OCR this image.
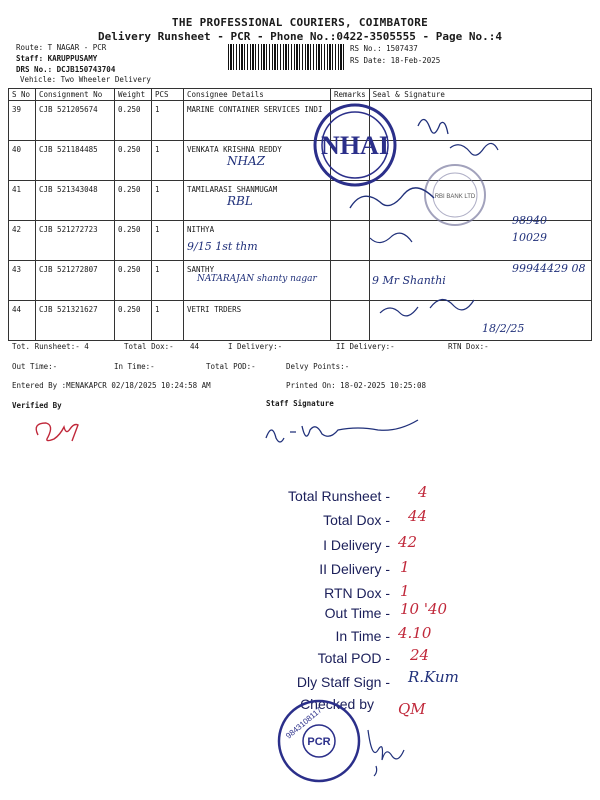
THE PROFESSIONAL COURIERS, COIMBATORE
Delivery Runsheet - PCR - Phone No.:0422-3505555 - Page No.:4
Route: T NAGAR - PCR
Staff: KARUPPUSAMY
DRS No.: DCJB150743704
Vehicle: Two Wheeler Delivery
RS No.: 1507437
RS Date: 18-Feb-2025
S No	Consignment No	Weight	PCS	Consignee Details	Remarks	Seal & Signature
39	CJB 521205674	0.250	1	MARINE CONTAINER SERVICES INDI		
40	CJB 521184485	0.250	1	VENKATA KRISHNA REDDY
NHAZ		

41	CJB 521343048	0.250	1	TAMILARASI SHANMUGAM
RBL		

42	CJB 521272723	0.250	1	NITHYA
9/15 1st thm		

43	CJB 521272807	0.250	1	SANTHY
NATARAJAN shanty nagar		

44	CJB 521321627	0.250	1	VETRI TRDERS		
NHAI
RBI BANK LTD
98940 10029
99944429 08
9 Mr Shanthi
18/2/25
Tot. Runsheet:- 4	Total Dox:- 44	I Delivery:-	II Delivery:-	RTN Dox:-
Out Time:-	In Time:-	Total POD:-	Delvy Points:-
Entered By :MENAKAPCR 02/18/2025 10:24:58 AM	Printed On: 18-02-2025 10:25:08
Verified By	Staff Signature
Total Runsheet - 4
Total Dox - 44
I Delivery - 42
II Delivery - 1
RTN Dox - 1
Out Time - 10 '40
In Time - 4.10
Total POD - 24
Dly Staff Sign - R.Kum
Checked by QM
PCR
9843108117
